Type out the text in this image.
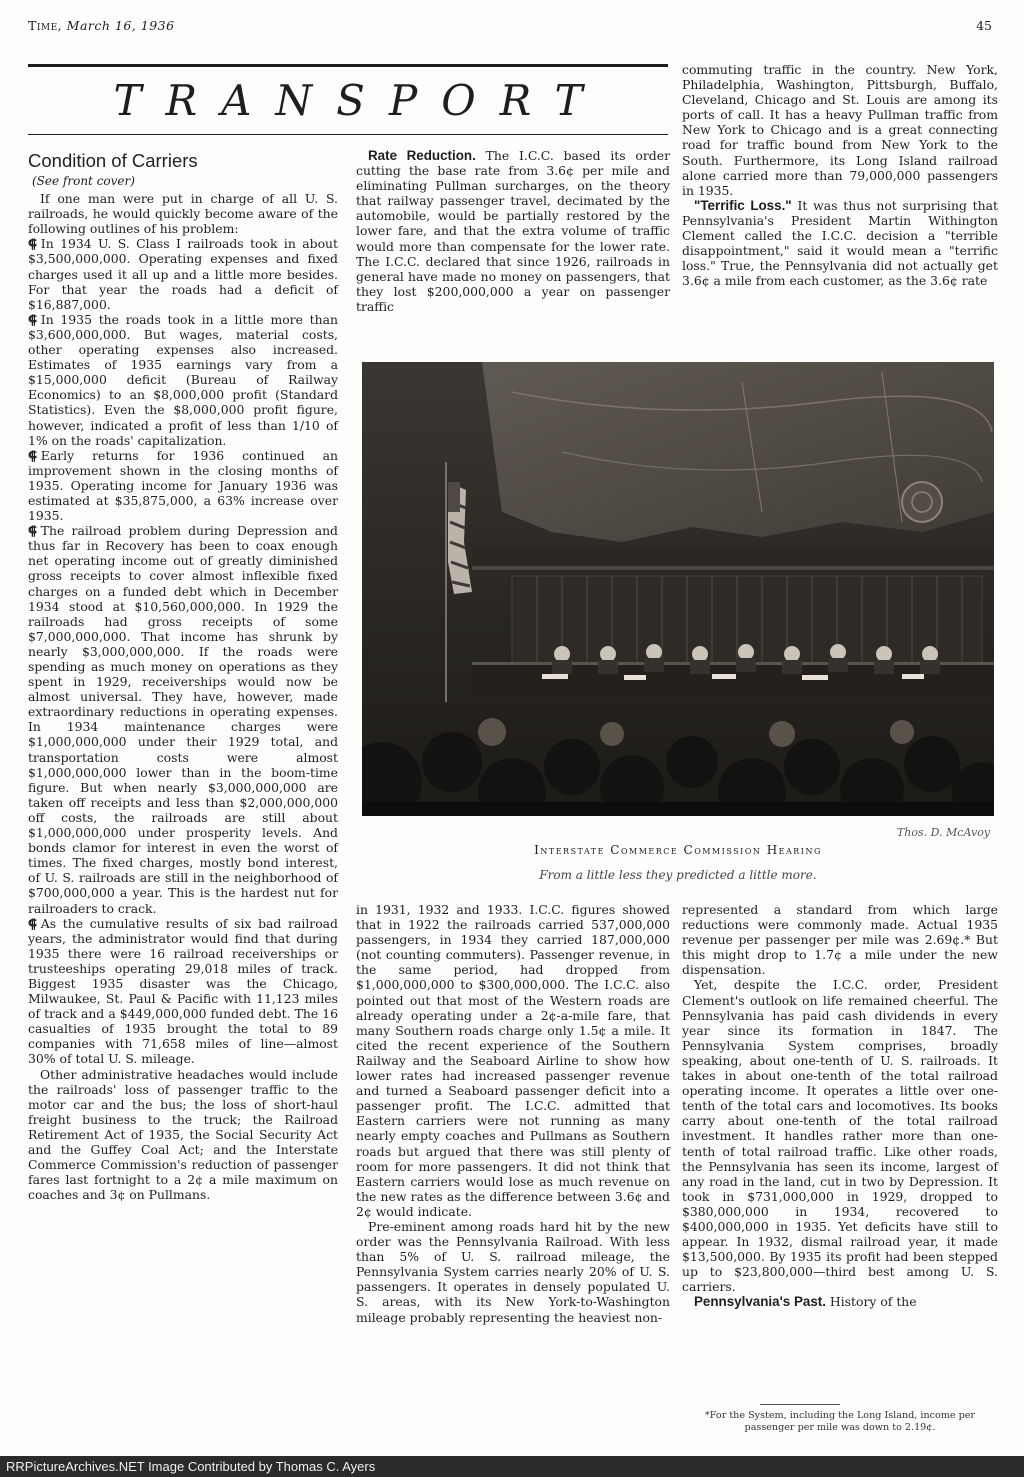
Time, March 16, 1936	45
TRANSPORT
Condition of Carriers
(See front cover)

If one man were put in charge of all U. S. railroads, he would quickly become aware of the following outlines of his problem:

⸿ In 1934 U. S. Class I railroads took in about $3,500,000,000. Operating expenses and fixed charges used it all up and a little more besides. For that year the roads had a deficit of $16,887,000.

⸿ In 1935 the roads took in a little more than $3,600,000,000. But wages, material costs, other operating expenses also increased. Estimates of 1935 earnings vary from a $15,000,000 deficit (Bureau of Railway Economics) to an $8,000,000 profit (Standard Statistics). Even the $8,000,000 profit figure, however, indicated a profit of less than 1/10 of 1% on the roads' capitalization.

⸿ Early returns for 1936 continued an improvement shown in the closing months of 1935. Operating income for January 1936 was estimated at $35,875,000, a 63% increase over 1935.

⸿ The railroad problem during Depression and thus far in Recovery has been to coax enough net operating income out of greatly diminished gross receipts to cover almost inflexible fixed charges on a funded debt which in December 1934 stood at $10,560,000,000. In 1929 the railroads had gross receipts of some $7,000,000,000. That income has shrunk by nearly $3,000,000,000. If the roads were spending as much money on operations as they spent in 1929, receiverships would now be almost universal. They have, however, made extraordinary reductions in operating expenses. In 1934 maintenance charges were $1,000,000,000 under their 1929 total, and transportation costs were almost $1,000,000,000 lower than in the boom-time figure. But when nearly $3,000,000,000 are taken off receipts and less than $2,000,000,000 off costs, the railroads are still about $1,000,000,000 under prosperity levels. And bonds clamor for interest in even the worst of times. The fixed charges, mostly bond interest, of U. S. railroads are still in the neighborhood of $700,000,000 a year. This is the hardest nut for railroaders to crack.

⸿ As the cumulative results of six bad railroad years, the administrator would find that during 1935 there were 16 railroad receiverships or trusteeships operating 29,018 miles of track. Biggest 1935 disaster was the Chicago, Milwaukee, St. Paul & Pacific with 11,123 miles of track and a $449,000,000 funded debt. The 16 casualties of 1935 brought the total to 89 companies with 71,658 miles of line—almost 30% of total U. S. mileage.

Other administrative headaches would include the railroads' loss of passenger traffic to the motor car and the bus; the loss of short-haul freight business to the truck; the Railroad Retirement Act of 1935, the Social Security Act and the Guffey Coal Act; and the Interstate Commerce Commission's reduction of passenger fares last fortnight to a 2¢ a mile maximum on coaches and 3¢ on Pullmans.

Rate Reduction. The I.C.C. based its order cutting the base rate from 3.6¢ per mile and eliminating Pullman surcharges, on the theory that railway passenger travel, decimated by the automobile, would be partially restored by the lower fare, and that the extra volume of traffic would more than compensate for the lower rate. The I.C.C. declared that since 1926, railroads in general have made no money on passengers, that they lost $200,000,000 a year on passenger traffic

commuting traffic in the country. New York, Philadelphia, Washington, Pittsburgh, Buffalo, Cleveland, Chicago and St. Louis are among its ports of call. It has a heavy Pullman traffic from New York to Chicago and is a great connecting road for traffic bound from New York to the South. Furthermore, its Long Island railroad alone carried more than 79,000,000 passengers in 1935.

"Terrific Loss." It was thus not surprising that Pennsylvania's President Martin Withington Clement called the I.C.C. decision a "terrible disappointment," said it would mean a "terrific loss." True, the Pennsylvania did not actually get 3.6¢ a mile from each customer, as the 3.6¢ rate

Thos. D. McAvoy
Interstate Commerce Commission Hearing
From a little less they predicted a little more.

in 1931, 1932 and 1933. I.C.C. figures showed that in 1922 the railroads carried 537,000,000 passengers, in 1934 they carried 187,000,000 (not counting commuters). Passenger revenue, in the same period, had dropped from $1,000,000,000 to $300,000,000. The I.C.C. also pointed out that most of the Western roads are already operating under a 2¢-a-mile fare, that many Southern roads charge only 1.5¢ a mile. It cited the recent experience of the Southern Railway and the Seaboard Airline to show how lower rates had increased passenger revenue and turned a Seaboard passenger deficit into a passenger profit. The I.C.C. admitted that Eastern carriers were not running as many nearly empty coaches and Pullmans as Southern roads but argued that there was still plenty of room for more passengers. It did not think that Eastern carriers would lose as much revenue on the new rates as the difference between 3.6¢ and 2¢ would indicate.

Pre-eminent among roads hard hit by the new order was the Pennsylvania Railroad. With less than 5% of U. S. railroad mileage, the Pennsylvania System carries nearly 20% of U. S. passengers. It operates in densely populated U. S. areas, with its New York-to-Washington mileage probably representing the heaviest non-

represented a standard from which large reductions were commonly made. Actual 1935 revenue per passenger per mile was 2.69¢.* But this might drop to 1.7¢ a mile under the new dispensation.

Yet, despite the I.C.C. order, President Clement's outlook on life remained cheerful. The Pennsylvania has paid cash dividends in every year since its formation in 1847. The Pennsylvania System comprises, broadly speaking, about one-tenth of U. S. railroads. It takes in about one-tenth of the total railroad operating income. It operates a little over one-tenth of the total cars and locomotives. Its books carry about one-tenth of the total railroad investment. It handles rather more than one-tenth of total railroad traffic. Like other roads, the Pennsylvania has seen its income, largest of any road in the land, cut in two by Depression. It took in $731,000,000 in 1929, dropped to $380,000,000 in 1934, recovered to $400,000,000 in 1935. Yet deficits have still to appear. In 1932, dismal railroad year, it made $13,500,000. By 1935 its profit had been stepped up to $23,800,000—third best among U. S. carriers.

Pennsylvania's Past. History of the

*For the System, including the Long Island, income per passenger per mile was down to 2.19¢.
RRPictureArchives.NET Image Contributed by Thomas C. Ayers
